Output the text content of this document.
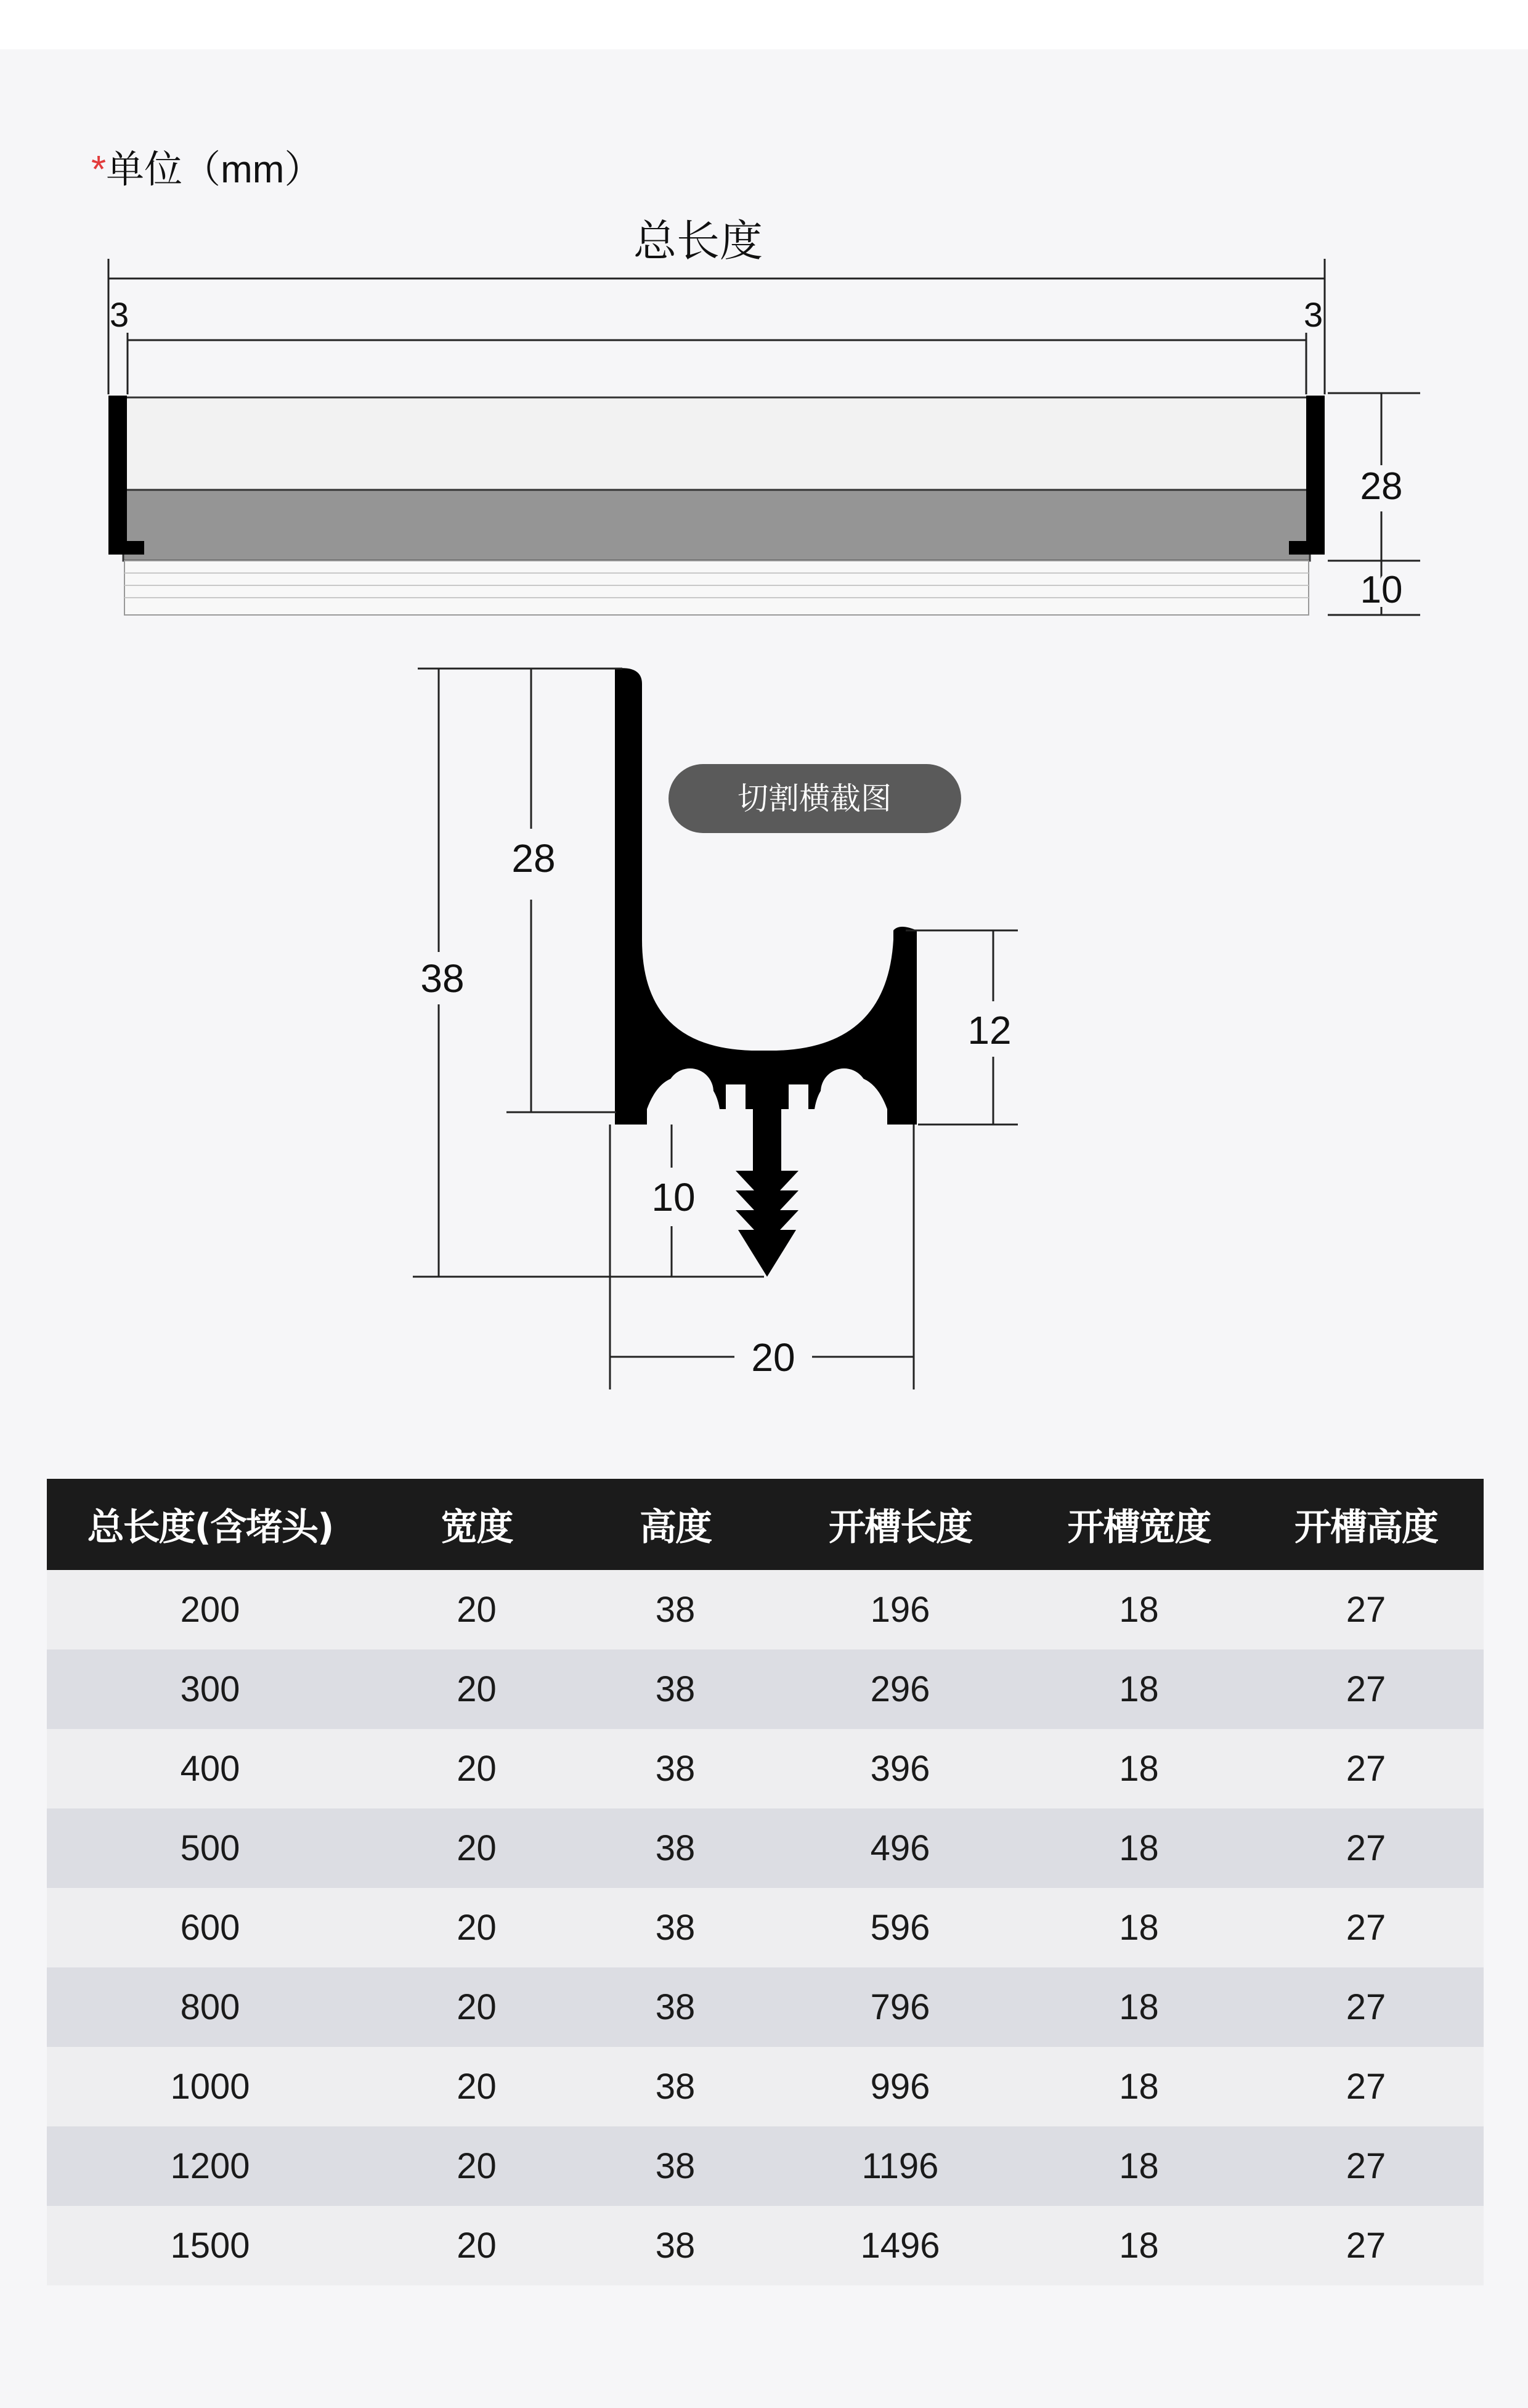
*单位（mm）
总长度
3	3
28
10
切割横截图
38
28
12
10
20
总长度(含堵头)	宽度	高度	开槽长度	开槽宽度	开槽高度
200	20	38	196	18	27
300	20	38	296	18	27
400	20	38	396	18	27
500	20	38	496	18	27
600	20	38	596	18	27
800	20	38	796	18	27
1000	20	38	996	18	27
1200	20	38	1196	18	27
1500	20	38	1496	18	27
